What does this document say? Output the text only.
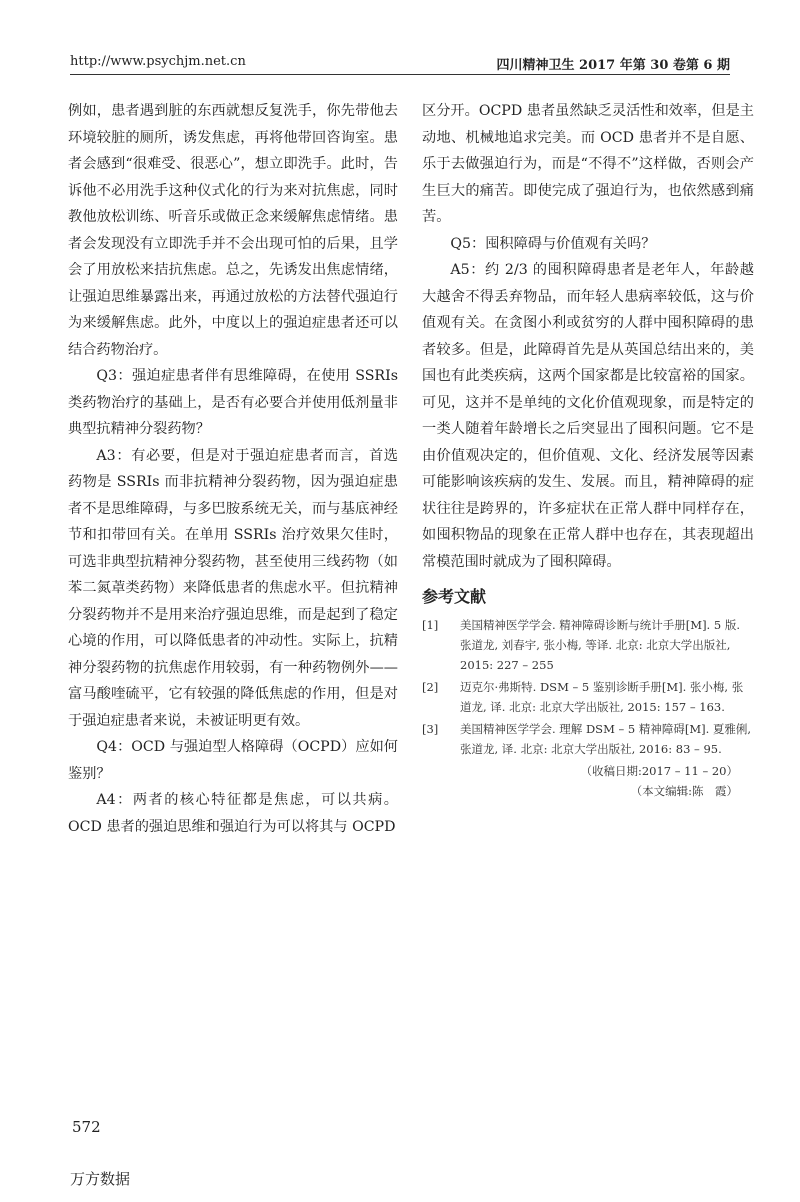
http://www.psychjm.net.cn	四川精神卫生 2017 年第 30 卷第 6 期

例如，患者遇到脏的东西就想反复洗手，你先带他去环境较脏的厕所，诱发焦虑，再将他带回咨询室。患者会感到“很难受、很恶心”，想立即洗手。此时，告诉他不必用洗手这种仪式化的行为来对抗焦虑，同时教他放松训练、听音乐或做正念来缓解焦虑情绪。患者会发现没有立即洗手并不会出现可怕的后果，且学会了用放松来拮抗焦虑。总之，先诱发出焦虑情绪，让强迫思维暴露出来，再通过放松的方法替代强迫行为来缓解焦虑。此外，中度以上的强迫症患者还可以结合药物治疗。

Q3：强迫症患者伴有思维障碍，在使用 SSRIs 类药物治疗的基础上，是否有必要合并使用低剂量非典型抗精神分裂药物？

A3：有必要，但是对于强迫症患者而言，首选药物是 SSRIs 而非抗精神分裂药物，因为强迫症患者不是思维障碍，与多巴胺系统无关，而与基底神经节和扣带回有关。在单用 SSRIs 治疗效果欠佳时，可选非典型抗精神分裂药物，甚至使用三线药物（如苯二氮䓬类药物）来降低患者的焦虑水平。但抗精神分裂药物并不是用来治疗强迫思维，而是起到了稳定心境的作用，可以降低患者的冲动性。实际上，抗精神分裂药物的抗焦虑作用较弱，有一种药物例外——富马酸喹硫平，它有较强的降低焦虑的作用，但是对于强迫症患者来说，未被证明更有效。

Q4：OCD 与强迫型人格障碍（OCPD）应如何鉴别？

A4：两者的核心特征都是焦虑，可以共病。OCD 患者的强迫思维和强迫行为可以将其与 OCPD

区分开。OCPD 患者虽然缺乏灵活性和效率，但是主动地、机械地追求完美。而 OCD 患者并不是自愿、乐于去做强迫行为，而是“不得不”这样做，否则会产生巨大的痛苦。即使完成了强迫行为，也依然感到痛苦。

Q5：囤积障碍与价值观有关吗？

A5：约 2/3 的囤积障碍患者是老年人，年龄越大越舍不得丢弃物品，而年轻人患病率较低，这与价值观有关。在贪图小利或贫穷的人群中囤积障碍的患者较多。但是，此障碍首先是从英国总结出来的，美国也有此类疾病，这两个国家都是比较富裕的国家。可见，这并不是单纯的文化价值观现象，而是特定的一类人随着年龄增长之后突显出了囤积问题。它不是由价值观决定的，但价值观、文化、经济发展等因素可能影响该疾病的发生、发展。而且，精神障碍的症状往往是跨界的，许多症状在正常人群中同样存在，如囤积物品的现象在正常人群中也存在，其表现超出常模范围时就成为了囤积障碍。

参考文献
[1] 美国精神医学学会. 精神障碍诊断与统计手册[M]. 5 版. 张道龙, 刘春宇, 张小梅, 等译. 北京: 北京大学出版社, 2015: 227 – 255
[2] 迈克尔·弗斯特. DSM – 5 鉴别诊断手册[M]. 张小梅, 张道龙, 译. 北京: 北京大学出版社, 2015: 157 – 163.
[3] 美国精神医学学会. 理解 DSM – 5 精神障碍[M]. 夏雅俐, 张道龙, 译. 北京: 北京大学出版社, 2016: 83 – 95.
（收稿日期:2017 – 11 – 20）
（本文编辑:陈　霞）
572
万方数据
